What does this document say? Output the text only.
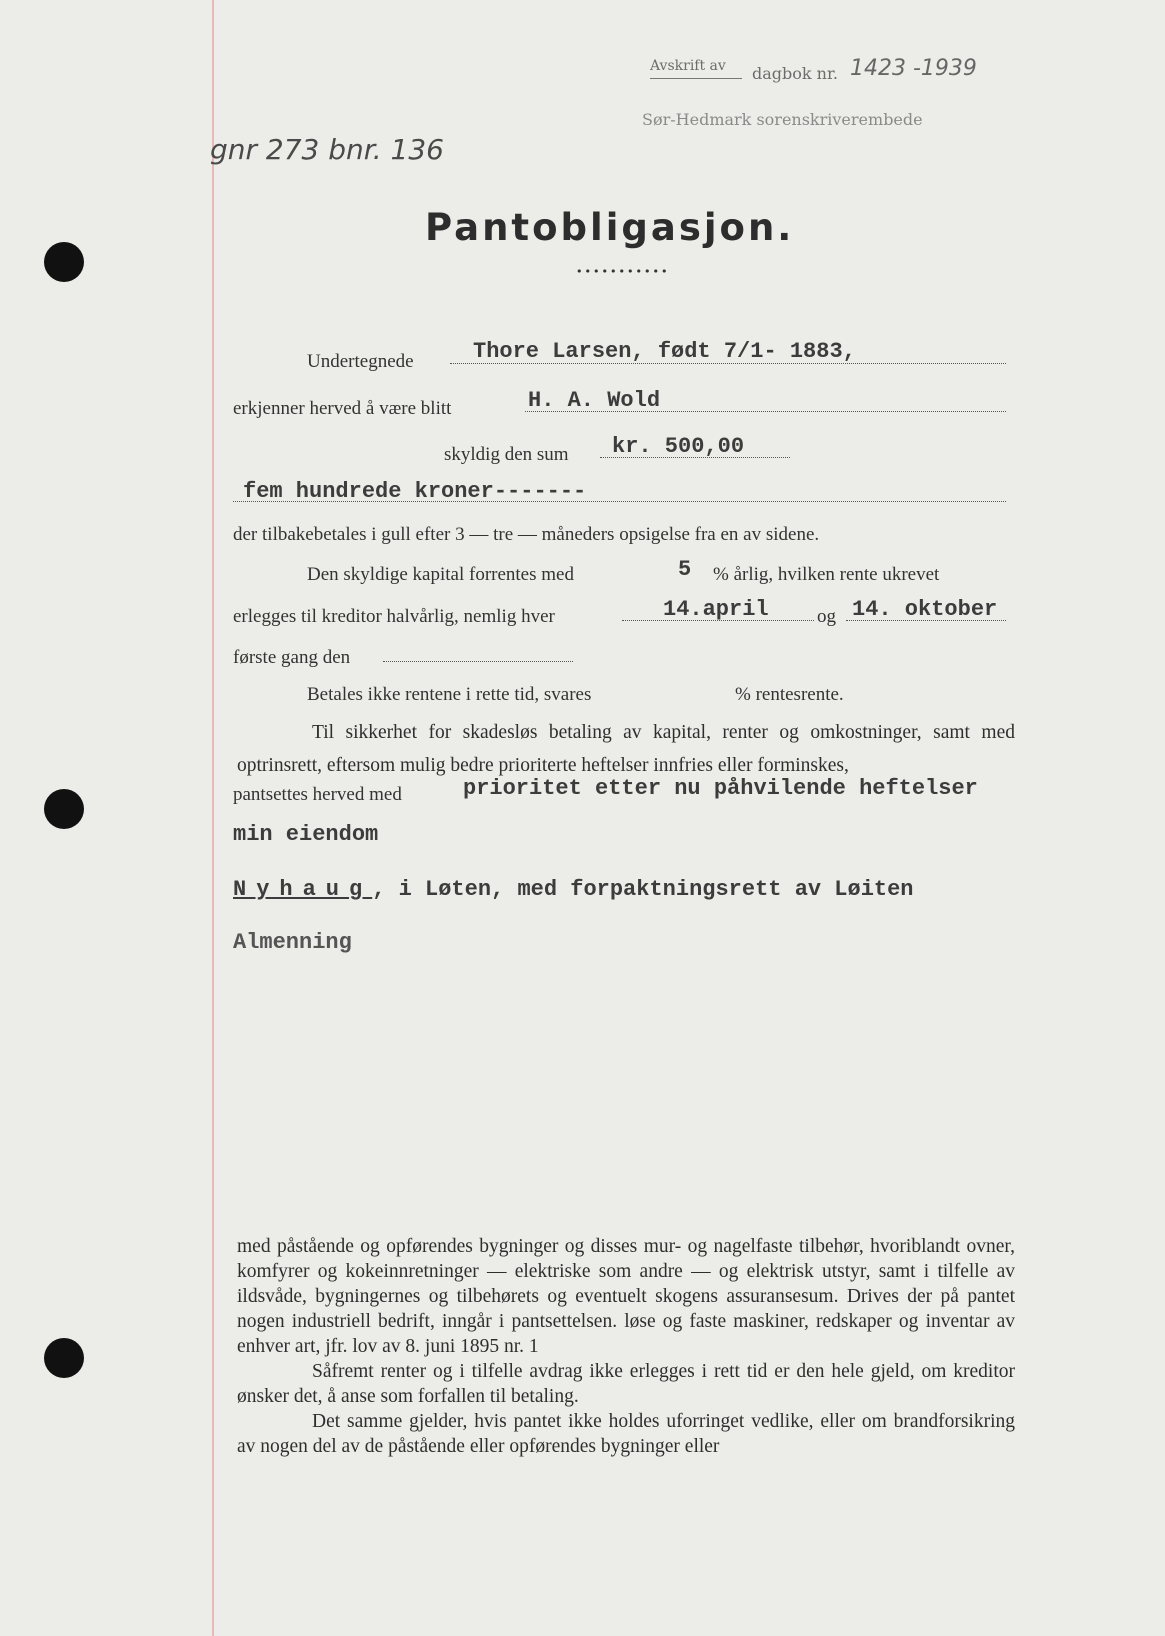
Avskrift av dagbok nr. 1423 -1939
Sør-Hedmark sorenskriverembede
gnr 273 bnr. 136
Pantobligasjon.
Undertegnede	Thore Larsen, født 7/1- 1883,
erkjenner herved å være blitt	H. A. Wold
skyldig den sum kr. 500,00
fem hundrede kroner-------
der tilbakebetales i gull efter 3 — tre — måneders opsigelse fra en av sidene.
Den skyldige kapital forrentes med	5 % årlig, hvilken rente ukrevet
erlegges til kreditor halvårlig, nemlig hver	14.april	og 14. oktober
første gang den
Betales ikke rentene i rette tid, svares	% rentesrente.
Til sikkerhet for skadesløs betaling av kapital, renter og omkostninger, samt med optrinsrett, eftersom mulig bedre prioriterte heftelser innfries eller forminskes,
pantsettes herved med	prioritet etter nu påhvilende heftelser
min eiendom
Nyhaug, i Løten, med forpaktningsrett av Løiten
Almenning
med påstående og opførendes bygninger og disses mur- og nagelfaste tilbehør, hvoriblandt ovner, komfyrer og kokeinnretninger — elektriske som andre — og elektrisk utstyr, samt i tilfelle av ildsvåde, bygningernes og tilbehørets og eventuelt skogens assuransesum. Drives der på pantet nogen industriell bedrift, inngår i pantsettelsen. løse og faste maskiner, redskaper og inventar av enhver art, jfr. lov av 8. juni 1895 nr. 1
Såfremt renter og i tilfelle avdrag ikke erlegges i rett tid er den hele gjeld, om kreditor ønsker det, å anse som forfallen til betaling.
Det samme gjelder, hvis pantet ikke holdes uforringet vedlike, eller om brandforsikring av nogen del av de påstående eller opførendes bygninger eller
